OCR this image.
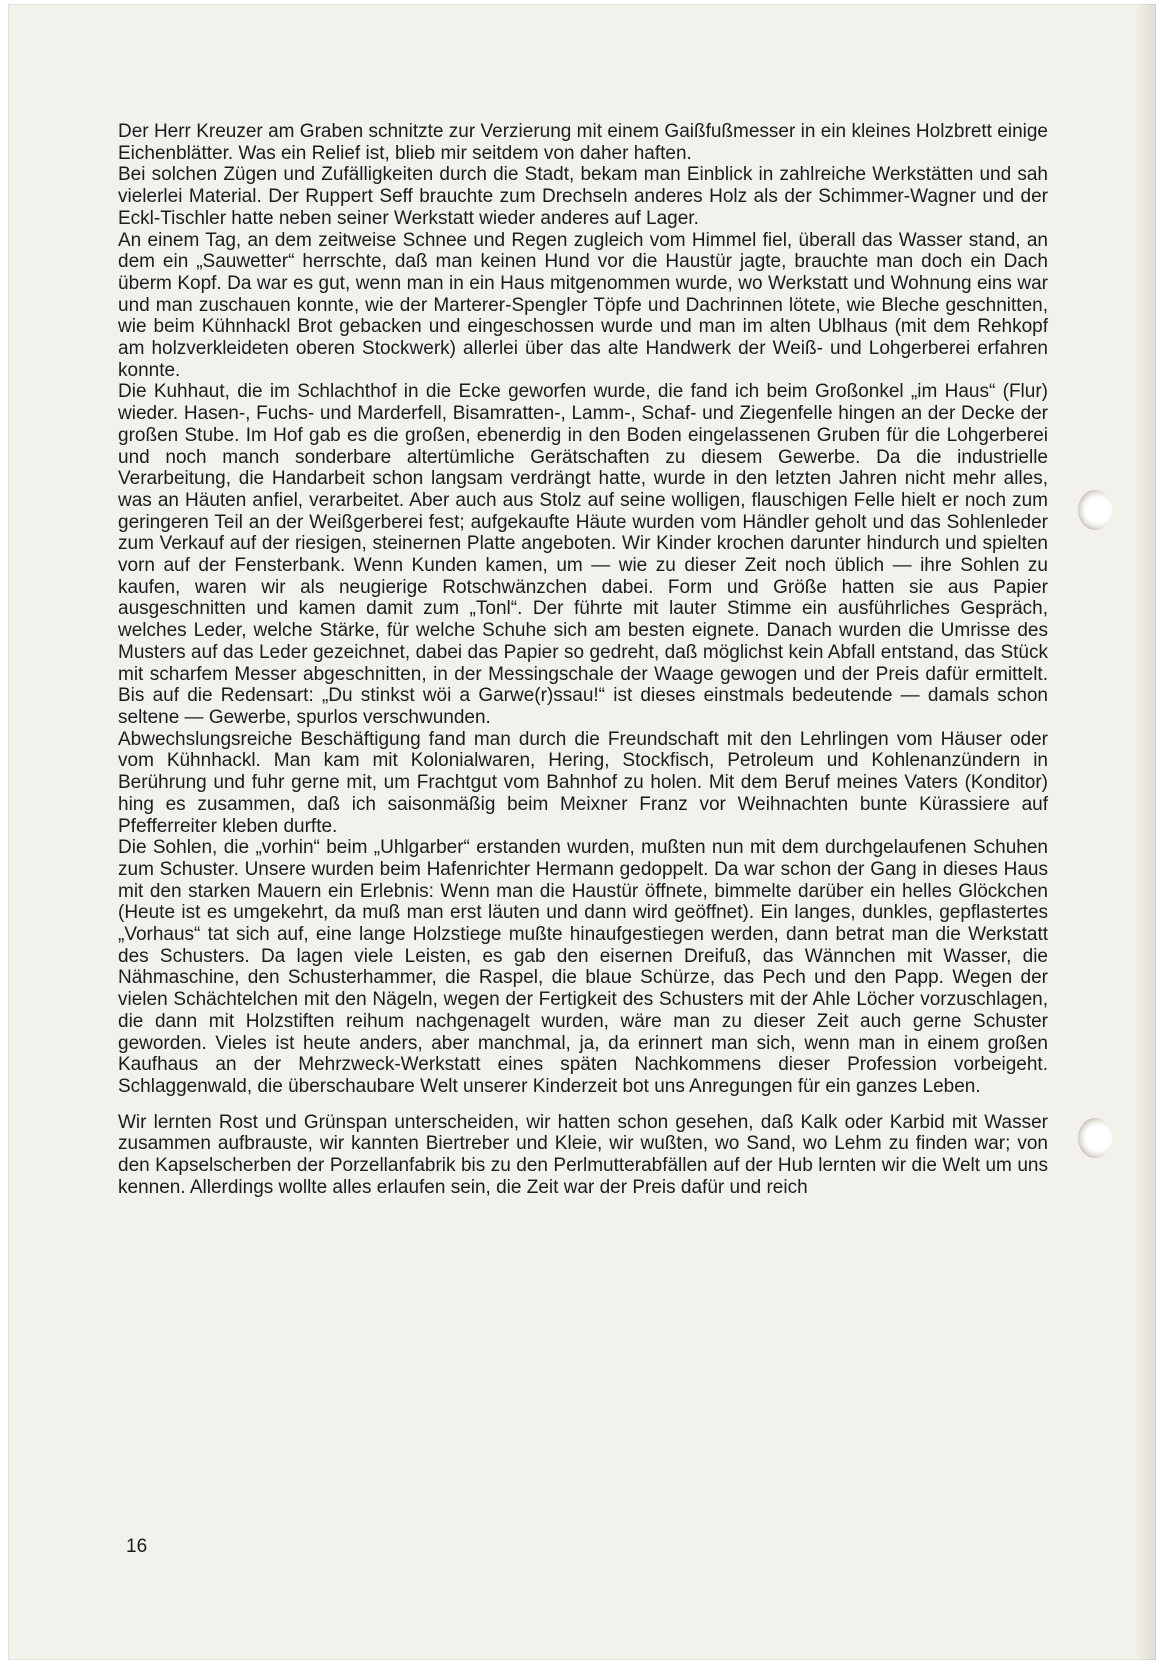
Der Herr Kreuzer am Graben schnitzte zur Verzierung mit einem Gaißfußmesser in ein kleines Holzbrett einige Eichenblätter. Was ein Relief ist, blieb mir seitdem von daher haften.

Bei solchen Zügen und Zufälligkeiten durch die Stadt, bekam man Einblick in zahlreiche Werkstätten und sah vielerlei Material. Der Ruppert Seff brauchte zum Drechseln anderes Holz als der Schimmer-Wagner und der Eckl-Tischler hatte neben seiner Werkstatt wieder anderes auf Lager.

An einem Tag, an dem zeitweise Schnee und Regen zugleich vom Himmel fiel, überall das Wasser stand, an dem ein „Sauwetter“ herrschte, daß man keinen Hund vor die Haustür jagte, brauchte man doch ein Dach überm Kopf. Da war es gut, wenn man in ein Haus mitgenommen wurde, wo Werkstatt und Wohnung eins war und man zuschauen konnte, wie der Marterer-Spengler Töpfe und Dachrinnen lötete, wie Bleche geschnitten, wie beim Kühnhackl Brot gebacken und eingeschossen wurde und man im alten Ublhaus (mit dem Rehkopf am holzverkleideten oberen Stockwerk) allerlei über das alte Handwerk der Weiß- und Lohgerberei erfahren konnte.

Die Kuhhaut, die im Schlachthof in die Ecke geworfen wurde, die fand ich beim Großonkel „im Haus“ (Flur) wieder. Hasen-, Fuchs- und Marderfell, Bisamratten-, Lamm-, Schaf- und Ziegenfelle hingen an der Decke der großen Stube. Im Hof gab es die großen, ebenerdig in den Boden eingelassenen Gruben für die Lohgerberei und noch manch sonderbare altertümliche Gerätschaften zu diesem Gewerbe. Da die industrielle Verarbeitung, die Handarbeit schon langsam verdrängt hatte, wurde in den letzten Jahren nicht mehr alles, was an Häuten anfiel, verarbeitet. Aber auch aus Stolz auf seine wolligen, flauschigen Felle hielt er noch zum geringeren Teil an der Weißgerberei fest; aufgekaufte Häute wurden vom Händler geholt und das Sohlenleder zum Verkauf auf der riesigen, steinernen Platte angeboten. Wir Kinder krochen darunter hindurch und spielten vorn auf der Fensterbank. Wenn Kunden kamen, um — wie zu dieser Zeit noch üblich — ihre Sohlen zu kaufen, waren wir als neugierige Rotschwänzchen dabei. Form und Größe hatten sie aus Papier ausgeschnitten und kamen damit zum „Tonl“. Der führte mit lauter Stimme ein ausführliches Gespräch, welches Leder, welche Stärke, für welche Schuhe sich am besten eignete. Danach wurden die Umrisse des Musters auf das Leder gezeichnet, dabei das Papier so gedreht, daß möglichst kein Abfall entstand, das Stück mit scharfem Messer abgeschnitten, in der Messingschale der Waage gewogen und der Preis dafür ermittelt. Bis auf die Redensart: „Du stinkst wöi a Garwe(r)ssau!“ ist dieses einstmals bedeutende — damals schon seltene — Gewerbe, spurlos verschwunden.

Abwechslungsreiche Beschäftigung fand man durch die Freundschaft mit den Lehrlingen vom Häuser oder vom Kühnhackl. Man kam mit Kolonialwaren, Hering, Stockfisch, Petroleum und Kohlenanzündern in Berührung und fuhr gerne mit, um Frachtgut vom Bahnhof zu holen. Mit dem Beruf meines Vaters (Konditor) hing es zusammen, daß ich saisonmäßig beim Meixner Franz vor Weihnachten bunte Kürassiere auf Pfefferreiter kleben durfte.

Die Sohlen, die „vorhin“ beim „Uhlgarber“ erstanden wurden, mußten nun mit dem durchgelaufenen Schuhen zum Schuster. Unsere wurden beim Hafenrichter Hermann gedoppelt. Da war schon der Gang in dieses Haus mit den starken Mauern ein Erlebnis: Wenn man die Haustür öffnete, bimmelte darüber ein helles Glöckchen (Heute ist es umgekehrt, da muß man erst läuten und dann wird geöffnet). Ein langes, dunkles, gepflastertes „Vorhaus“ tat sich auf, eine lange Holzstiege mußte hinaufgestiegen werden, dann betrat man die Werkstatt des Schusters. Da lagen viele Leisten, es gab den eisernen Dreifuß, das Wännchen mit Wasser, die Nähmaschine, den Schusterhammer, die Raspel, die blaue Schürze, das Pech und den Papp. Wegen der vielen Schächtelchen mit den Nägeln, wegen der Fertigkeit des Schusters mit der Ahle Löcher vorzuschlagen, die dann mit Holzstiften reihum nachgenagelt wurden, wäre man zu dieser Zeit auch gerne Schuster geworden. Vieles ist heute anders, aber manchmal, ja, da erinnert man sich, wenn man in einem großen Kaufhaus an der Mehrzweck-Werkstatt eines späten Nachkommens dieser Profession vorbeigeht. Schlaggenwald, die überschaubare Welt unserer Kinderzeit bot uns Anregungen für ein ganzes Leben.

Wir lernten Rost und Grünspan unterscheiden, wir hatten schon gesehen, daß Kalk oder Karbid mit Wasser zusammen aufbrauste, wir kannten Biertreber und Kleie, wir wußten, wo Sand, wo Lehm zu finden war; von den Kapselscherben der Porzellanfabrik bis zu den Perlmutterabfällen auf der Hub lernten wir die Welt um uns kennen. Allerdings wollte alles erlaufen sein, die Zeit war der Preis dafür und reich

16
